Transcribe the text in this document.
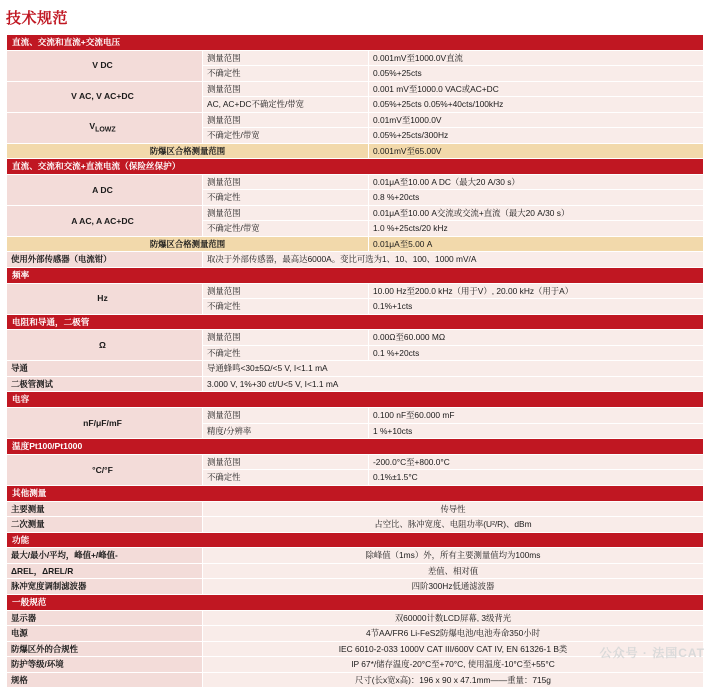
技术规范
直流、交流和直流+交流电压		
V DC	测量范围	0.001mV至1000.0V直流
	不确定性	0.05%+25cts
V AC, V AC+DC	测量范围	0.001 mV至1000.0 VAC或AC+DC
	AC, AC+DC不确定性/带宽	0.05%+25cts 0.05%+40cts/100kHz
$V_{LOWZ}$	测量范围	0.01mV至1000.0V
	不确定性/带宽	0.05%+25cts/300Hz
防爆区合格测量范围		0.001mV至65.00V
直流、交流和交流+直流电流（保险丝保护）		
A DC	测量范围	0.01μA至10.00 A DC（最大20 A/30 s）
	不确定性	0.8 %+20cts
A AC, A AC+DC	测量范围	0.01μA至10.00 A交流或交流+直流（最大20 A/30 s）
	不确定性/带宽	1.0 %+25cts/20 kHz
防爆区合格测量范围		0.01μA至5.00 A
使用外部传感器（电流钳）	取决于外部传感器，最高达6000A。变比可选为1、10、100、1000 mV/A	
频率		
Hz	测量范围	10.00 Hz至200.0 kHz（用于V）, 20.00 kHz（用于A）
	不确定性	0.1%+1cts
电阻和导通，二极管		
Ω	测量范围	0.00Ω至60.000 MΩ
	不确定性	0.1 %+20cts
导通	导通蜂鸣<30±5Ω/<5 V, I<1.1 mA	
二极管测试	3.000 V, 1%+30 ct/U<5 V, I<1.1 mA	
电容		
nF/μF/mF	测量范围	0.100 nF至60.000 mF
	精度/分辨率	1 %+10cts
温度Pt100/Pt1000		
°C/°F	测量范围	-200.0°C至+800.0°C
	不确定性	0.1%±1.5°C
其他测量		
主要测量	传导性	
二次测量	占空比、脉冲宽度、电阻功率(U²/R)、dBm	
功能		
最大/最小/平均，峰值+/峰值-	除峰值（1ms）外，所有主要测量值均为100ms	
ΔREL，ΔREL/R	差值、相对值	
脉冲宽度调制滤波器	四阶300Hz低通滤波器	
一般规范		
显示器	双60000计数LCD屏幕, 3级背光	
电源	4节AA/FR6 Li-FeS2防爆电池/电池寿命350小时	
防爆区外的合规性	IEC 6010-2-033 1000V CAT III/600V CAT IV, EN 61326-1 B类	
防护等级/环境	IP 67*/储存温度-20°C至+70°C, 使用温度-10°C至+55°C	
规格	尺寸(长x宽x高)：196 x 90 x 47.1mm——重量：715g	
公众号 · 法国CAT
